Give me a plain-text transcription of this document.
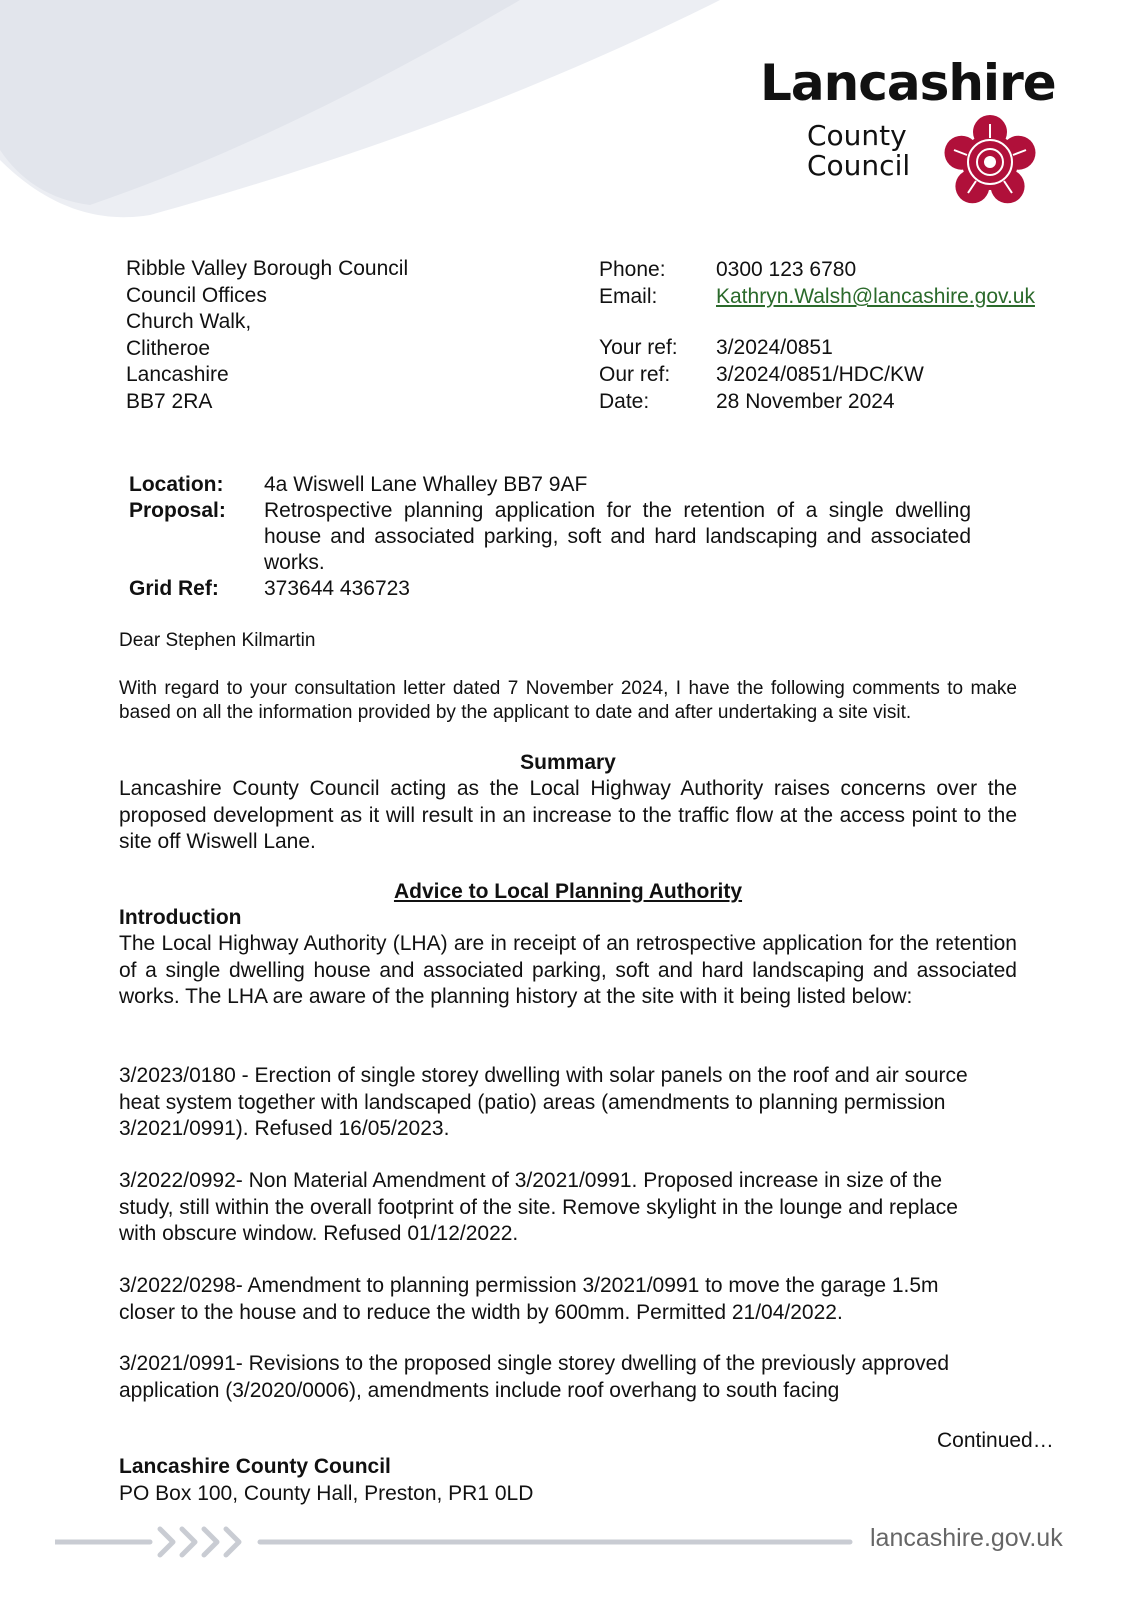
Lancashire
County
Council
Ribble Valley Borough Council
Council Offices
Church Walk,
Clitheroe
Lancashire
BB7 2RA
Phone:	0300 123 6780
Email:	Kathryn.Walsh@lancashire.gov.uk
Your ref:	3/2024/0851
Our ref:	3/2024/0851/HDC/KW
Date:	28 November 2024
Location:	4a Wiswell Lane Whalley BB7 9AF
Proposal:	Retrospective planning application for the retention of a single dwelling house and associated parking, soft and hard landscaping and associated works.
Grid Ref:	373644 436723
Dear Stephen Kilmartin
With regard to your consultation letter dated 7 November 2024, I have the following comments to make based on all the information provided by the applicant to date and after undertaking a site visit.
Summary
Lancashire County Council acting as the Local Highway Authority raises concerns over the proposed development as it will result in an increase to the traffic flow at the access point to the site off Wiswell Lane.
Advice to Local Planning Authority
Introduction
The Local Highway Authority (LHA) are in receipt of an retrospective application for the retention of a single dwelling house and associated parking, soft and hard landscaping and associated works. The LHA are aware of the planning history at the site with it being listed below:
3/2023/0180 - Erection of single storey dwelling with solar panels on the roof and air source heat system together with landscaped (patio) areas (amendments to planning permission 3/2021/0991). Refused 16/05/2023.
3/2022/0992- Non Material Amendment of 3/2021/0991. Proposed increase in size of the study, still within the overall footprint of the site. Remove skylight in the lounge and replace with obscure window. Refused 01/12/2022.
3/2022/0298- Amendment to planning permission 3/2021/0991 to move the garage 1.5m closer to the house and to reduce the width by 600mm. Permitted 21/04/2022.
3/2021/0991- Revisions to the proposed single storey dwelling of the previously approved application (3/2020/0006), amendments include roof overhang to south facing
Continued…
Lancashire County Council
PO Box 100, County Hall, Preston, PR1 0LD
lancashire.gov.uk
